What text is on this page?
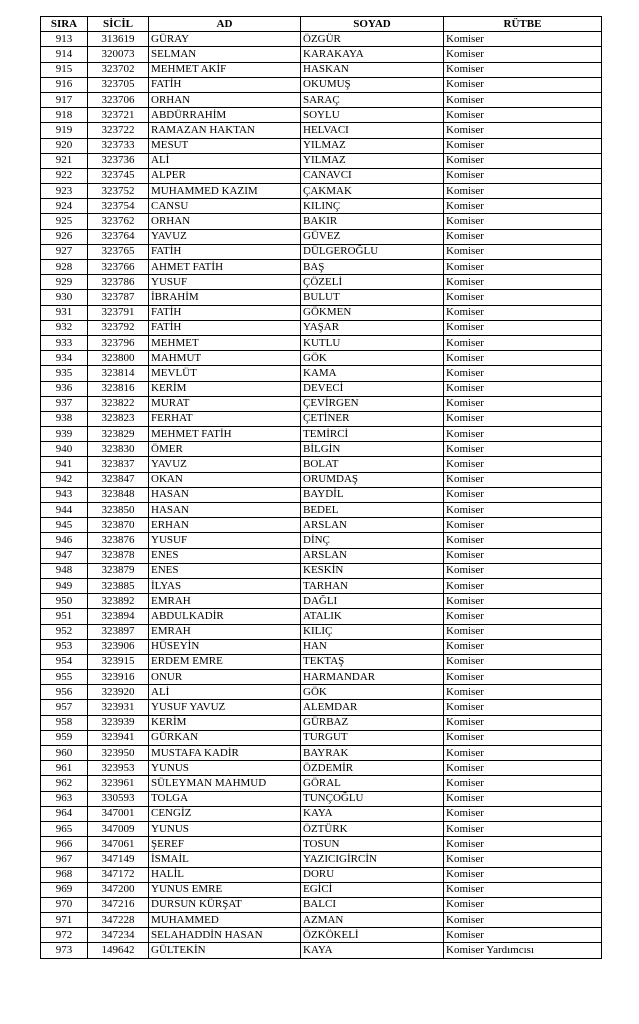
SIRA	SİCİL	AD	SOYAD	RÜTBE
913	313619	GÜRAY	ÖZGÜR	Komiser
914	320073	SELMAN	KARAKAYA	Komiser
915	323702	MEHMET AKİF	HASKAN	Komiser
916	323705	FATİH	OKUMUŞ	Komiser
917	323706	ORHAN	SARAÇ	Komiser
918	323721	ABDÜRRAHİM	SOYLU	Komiser
919	323722	RAMAZAN HAKTAN	HELVACI	Komiser
920	323733	MESUT	YILMAZ	Komiser
921	323736	ALİ	YILMAZ	Komiser
922	323745	ALPER	CANAVCI	Komiser
923	323752	MUHAMMED KAZIM	ÇAKMAK	Komiser
924	323754	CANSU	KILINÇ	Komiser
925	323762	ORHAN	BAKIR	Komiser
926	323764	YAVUZ	GÜVEZ	Komiser
927	323765	FATİH	DÜLGEROĞLU	Komiser
928	323766	AHMET FATİH	BAŞ	Komiser
929	323786	YUSUF	ÇÖZELİ	Komiser
930	323787	İBRAHİM	BULUT	Komiser
931	323791	FATİH	GÖKMEN	Komiser
932	323792	FATİH	YAŞAR	Komiser
933	323796	MEHMET	KUTLU	Komiser
934	323800	MAHMUT	GÖK	Komiser
935	323814	MEVLÜT	KAMA	Komiser
936	323816	KERİM	DEVECİ	Komiser
937	323822	MURAT	ÇEVİRGEN	Komiser
938	323823	FERHAT	ÇETİNER	Komiser
939	323829	MEHMET FATİH	TEMİRCİ	Komiser
940	323830	ÖMER	BİLGİN	Komiser
941	323837	YAVUZ	BOLAT	Komiser
942	323847	OKAN	ORUMDAŞ	Komiser
943	323848	HASAN	BAYDİL	Komiser
944	323850	HASAN	BEDEL	Komiser
945	323870	ERHAN	ARSLAN	Komiser
946	323876	YUSUF	DİNÇ	Komiser
947	323878	ENES	ARSLAN	Komiser
948	323879	ENES	KESKİN	Komiser
949	323885	İLYAS	TARHAN	Komiser
950	323892	EMRAH	DAĞLI	Komiser
951	323894	ABDULKADİR	ATALIK	Komiser
952	323897	EMRAH	KILIÇ	Komiser
953	323906	HÜSEYİN	HAN	Komiser
954	323915	ERDEM EMRE	TEKTAŞ	Komiser
955	323916	ONUR	HARMANDAR	Komiser
956	323920	ALİ	GÖK	Komiser
957	323931	YUSUF YAVUZ	ALEMDAR	Komiser
958	323939	KERİM	GÜRBAZ	Komiser
959	323941	GÜRKAN	TURGUT	Komiser
960	323950	MUSTAFA KADİR	BAYRAK	Komiser
961	323953	YUNUS	ÖZDEMİR	Komiser
962	323961	SÜLEYMAN MAHMUD	GÖRAL	Komiser
963	330593	TOLGA	TUNÇOĞLU	Komiser
964	347001	CENGİZ	KAYA	Komiser
965	347009	YUNUS	ÖZTÜRK	Komiser
966	347061	ŞEREF	TOSUN	Komiser
967	347149	İSMAİL	YAZICIGİRCİN	Komiser
968	347172	HALİL	DORU	Komiser
969	347200	YUNUS EMRE	EGİCİ	Komiser
970	347216	DURSUN KÜRŞAT	BALCI	Komiser
971	347228	MUHAMMED	AZMAN	Komiser
972	347234	SELAHADDİN HASAN	ÖZKÖKELİ	Komiser
973	149642	GÜLTEKİN	KAYA	Komiser Yardımcısı
